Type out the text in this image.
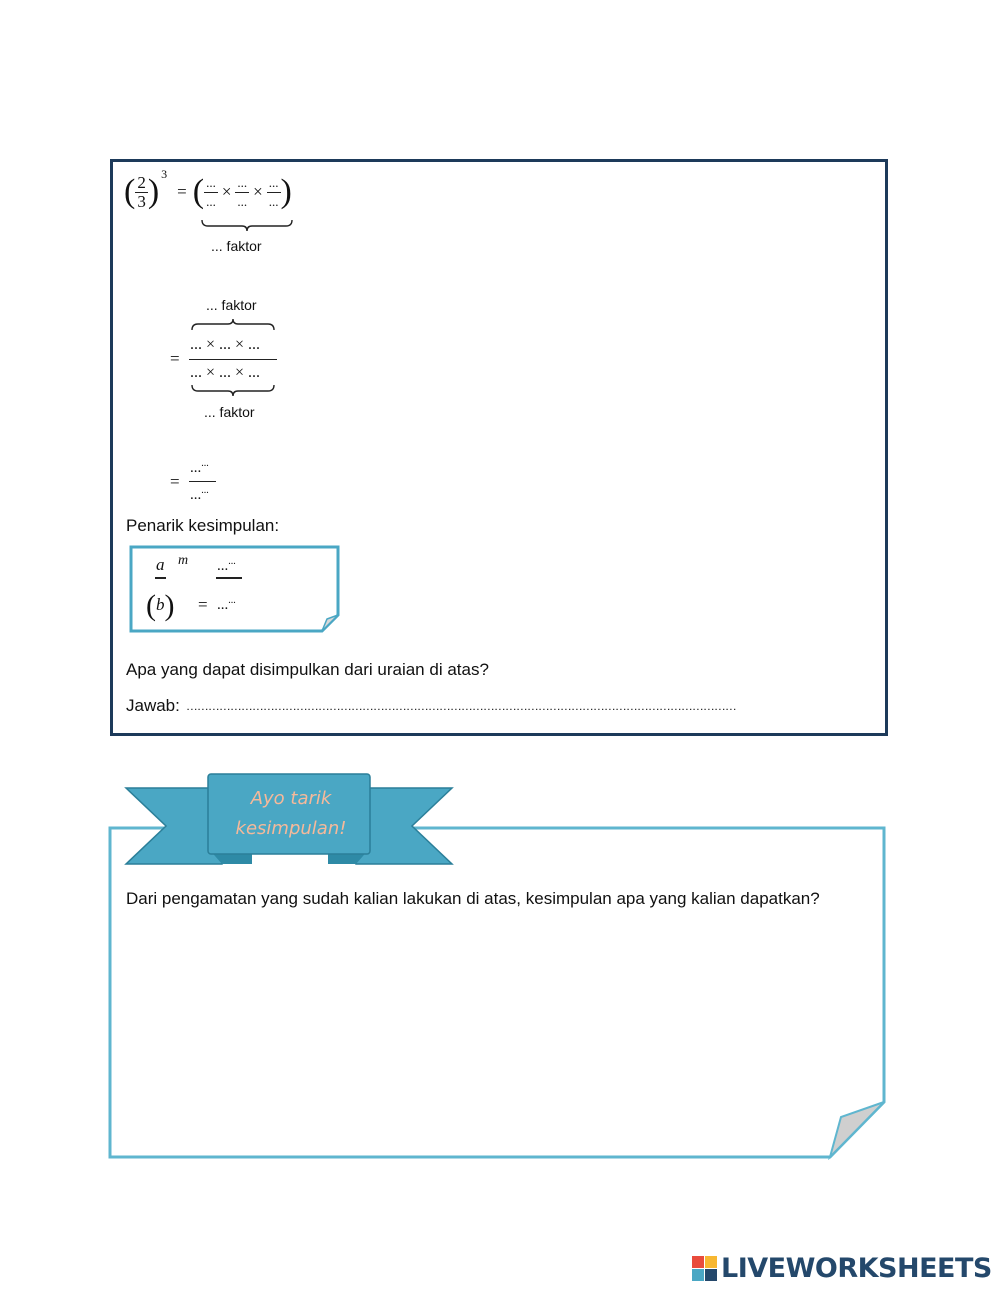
( $\frac{2}{3}$ ) 3
= ( $\frac{...}{...} \times \frac{...}{...} \times \frac{...}{...}$ )
... faktor
... faktor
=
... × ... × ...
... × ... × ...
... faktor
=
......
......
Penarik kesimpulan:
a m
(b)
......
= ......
Apa yang dapat disimpulkan dari uraian di atas?
Jawab: ……………………………………………………………………………………………………………………………………
Ayo tarik
kesimpulan!
Dari pengamatan yang sudah kalian lakukan di atas, kesimpulan apa yang kalian dapatkan?
LIVEWORKSHEETS
